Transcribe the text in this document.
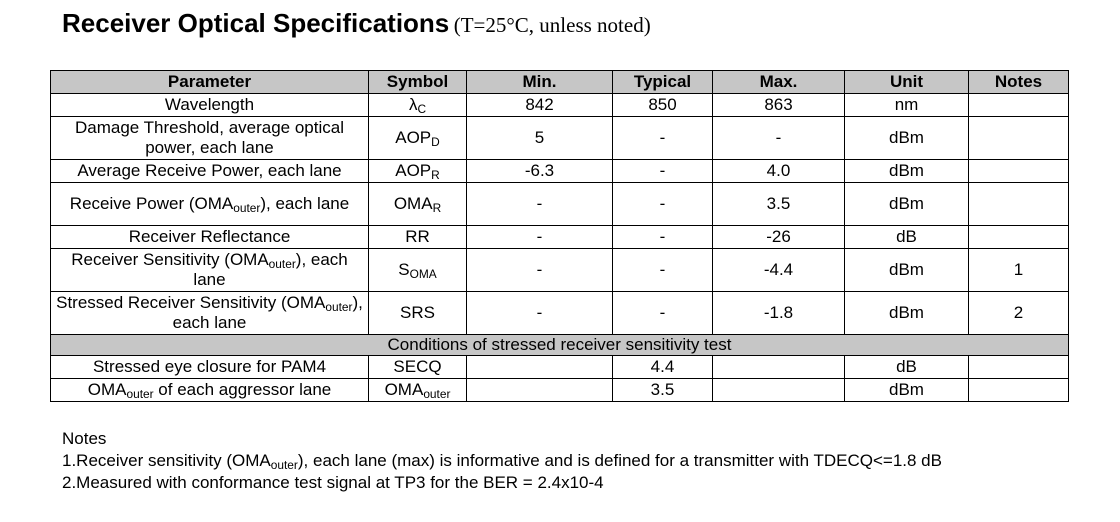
Receiver Optical Specifications (T=25°C, unless noted)
Parameter	Symbol	Min.	Typical	Max.	Unit	Notes
Wavelength	$\lambda_C$	842	850	863	nm	
Damage Threshold, average optical power, each lane	$AOP_D$	5	-	-	dBm	
Average Receive Power, each lane	$AOP_R$	-6.3	-	4.0	dBm	
Receive Power $(OMA_{outer})$, each lane	$OMA_R$	-	-	3.5	dBm	
Receiver Reflectance	RR	-	-	-26	dB	
Receiver Sensitivity $(OMA_{outer})$, each lane	$S_{OMA}$	-	-	-4.4	dBm	1
Stressed Receiver Sensitivity $(OMA_{outer})$, each lane	SRS	-	-	-1.8	dBm	2
Conditions of stressed receiver sensitivity test						
Stressed eye closure for PAM4	SECQ		4.4		dB	
$OMA_{outer}$ of each aggressor lane	$OMA_{outer}$		3.5		dBm	
Notes
1.Receiver sensitivity $(OMA_{outer})$, each lane (max) is informative and is defined for a transmitter with TDECQ<=1.8 dB
2.Measured with conformance test signal at TP3 for the BER = 2.4x10-4
